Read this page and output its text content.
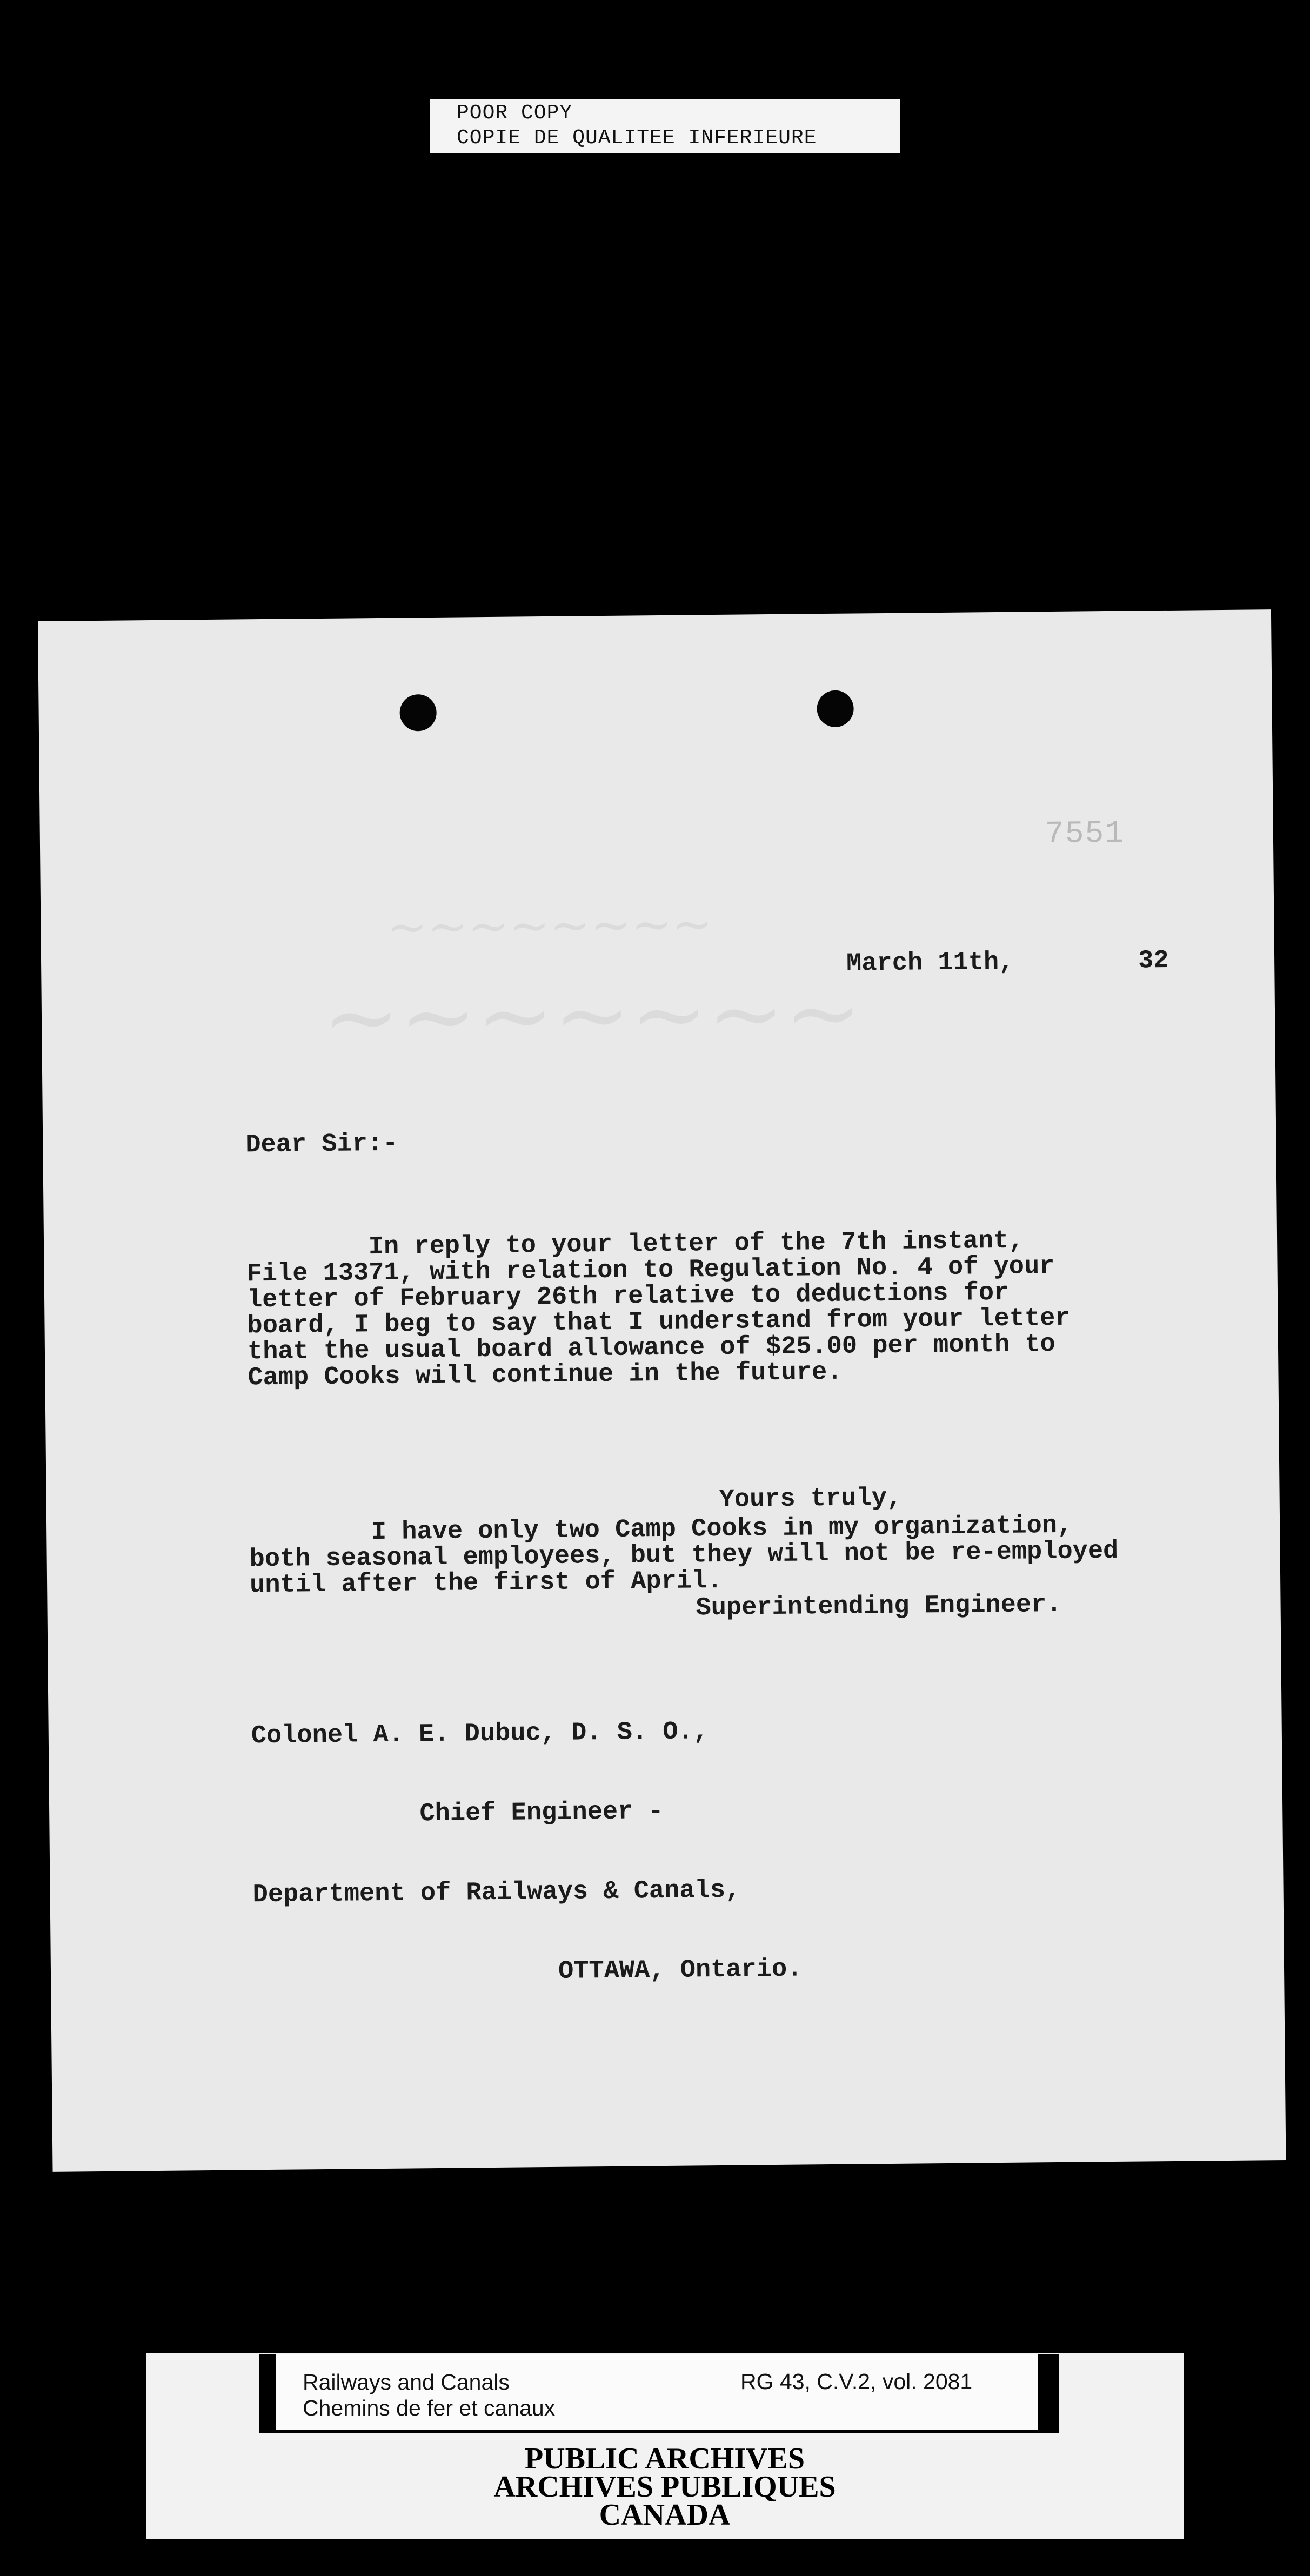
POOR COPY
COPIE DE QUALITEE INFERIEURE
7551
~~~~~~~~
~~~~~~~
March 11th,	32
Dear Sir:-

In reply to your letter of the 7th instant,
File 13371, with relation to Regulation No. 4 of your
letter of February 26th relative to deductions for
board, I beg to say that I understand from your letter
that the usual board allowance of $25.00 per month to
Camp Cooks will continue in the future.

I have only two Camp Cooks in my organization,
both seasonal employees, but they will not be re-employed
until after the first of April.

Yours truly,
Superintending Engineer.

Colonel A. E. Dubuc, D. S. O.,

Chief Engineer -

Department of Railways & Canals,

OTTAWA, Ontario.

Railways and Canals
Chemins de fer et canaux
RG 43, C.V.2, vol. 2081
PUBLIC ARCHIVES
ARCHIVES PUBLIQUES
CANADA
